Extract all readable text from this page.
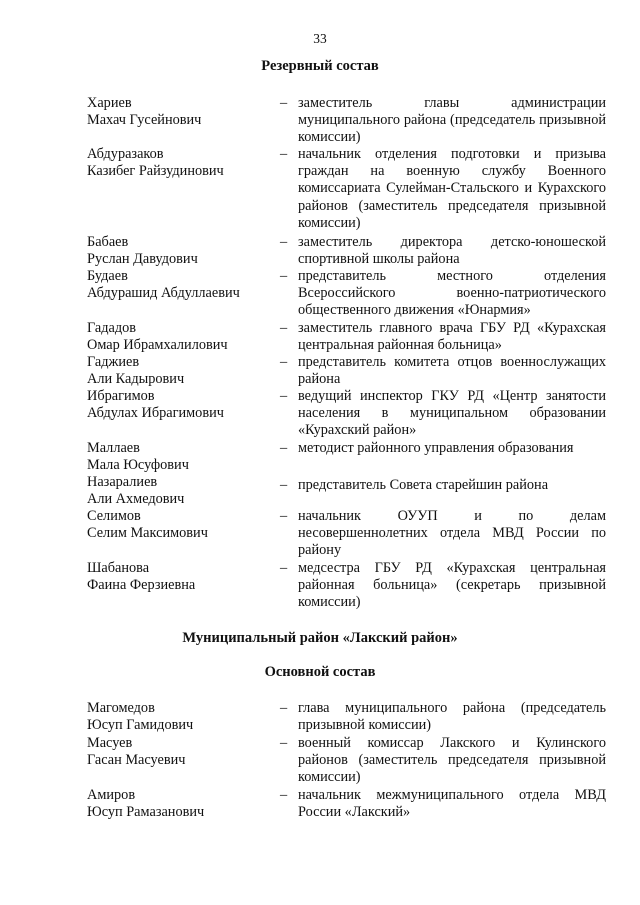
33
Резервный состав
Хариев
Махач Гусейнович
– заместитель главы администрации муниципального района (председатель призывной комиссии)
Абдуразаков
Казибег Райзудинович
– начальник отделения подготовки и призыва граждан на военную службу Военного комиссариата Сулейман-Стальского и Курахского районов (заместитель председателя призывной комиссии)
Бабаев
Руслан Давудович
– заместитель директора детско-юношеской спортивной школы района
Будаев
Абдурашид Абдуллаевич
– представитель местного отделения Всероссийского военно-патриотического общественного движения «Юнармия»
Гададов
Омар Ибрамхалилович
– заместитель главного врача ГБУ РД «Курахская центральная районная больница»
Гаджиев
Али Кадырович
– представитель комитета отцов военнослужащих района
Ибрагимов
Абдулах Ибрагимович
– ведущий инспектор ГКУ РД «Центр занятости населения в муниципальном образовании «Курахский район»
Маллаев
Мала Юсуфович
– методист районного управления образования
Назаралиев
Али Ахмедович
– представитель Совета старейшин района
Селимов
Селим Максимович
– начальник ОУУП и по делам несовершеннолетних отдела МВД России по району
Шабанова
Фаина Ферзиевна
– медсестра ГБУ РД «Курахская центральная районная больница» (секретарь призывной комиссии)
Муниципальный район «Лакский район»
Основной состав
Магомедов
Юсуп Гамидович
– глава муниципального района (председатель призывной комиссии)
Масуев
Гасан Масуевич
– военный комиссар Лакского и Кулинского районов (заместитель председателя призывной комиссии)
Амиров
Юсуп Рамазанович
– начальник межмуниципального отдела МВД России «Лакский»
